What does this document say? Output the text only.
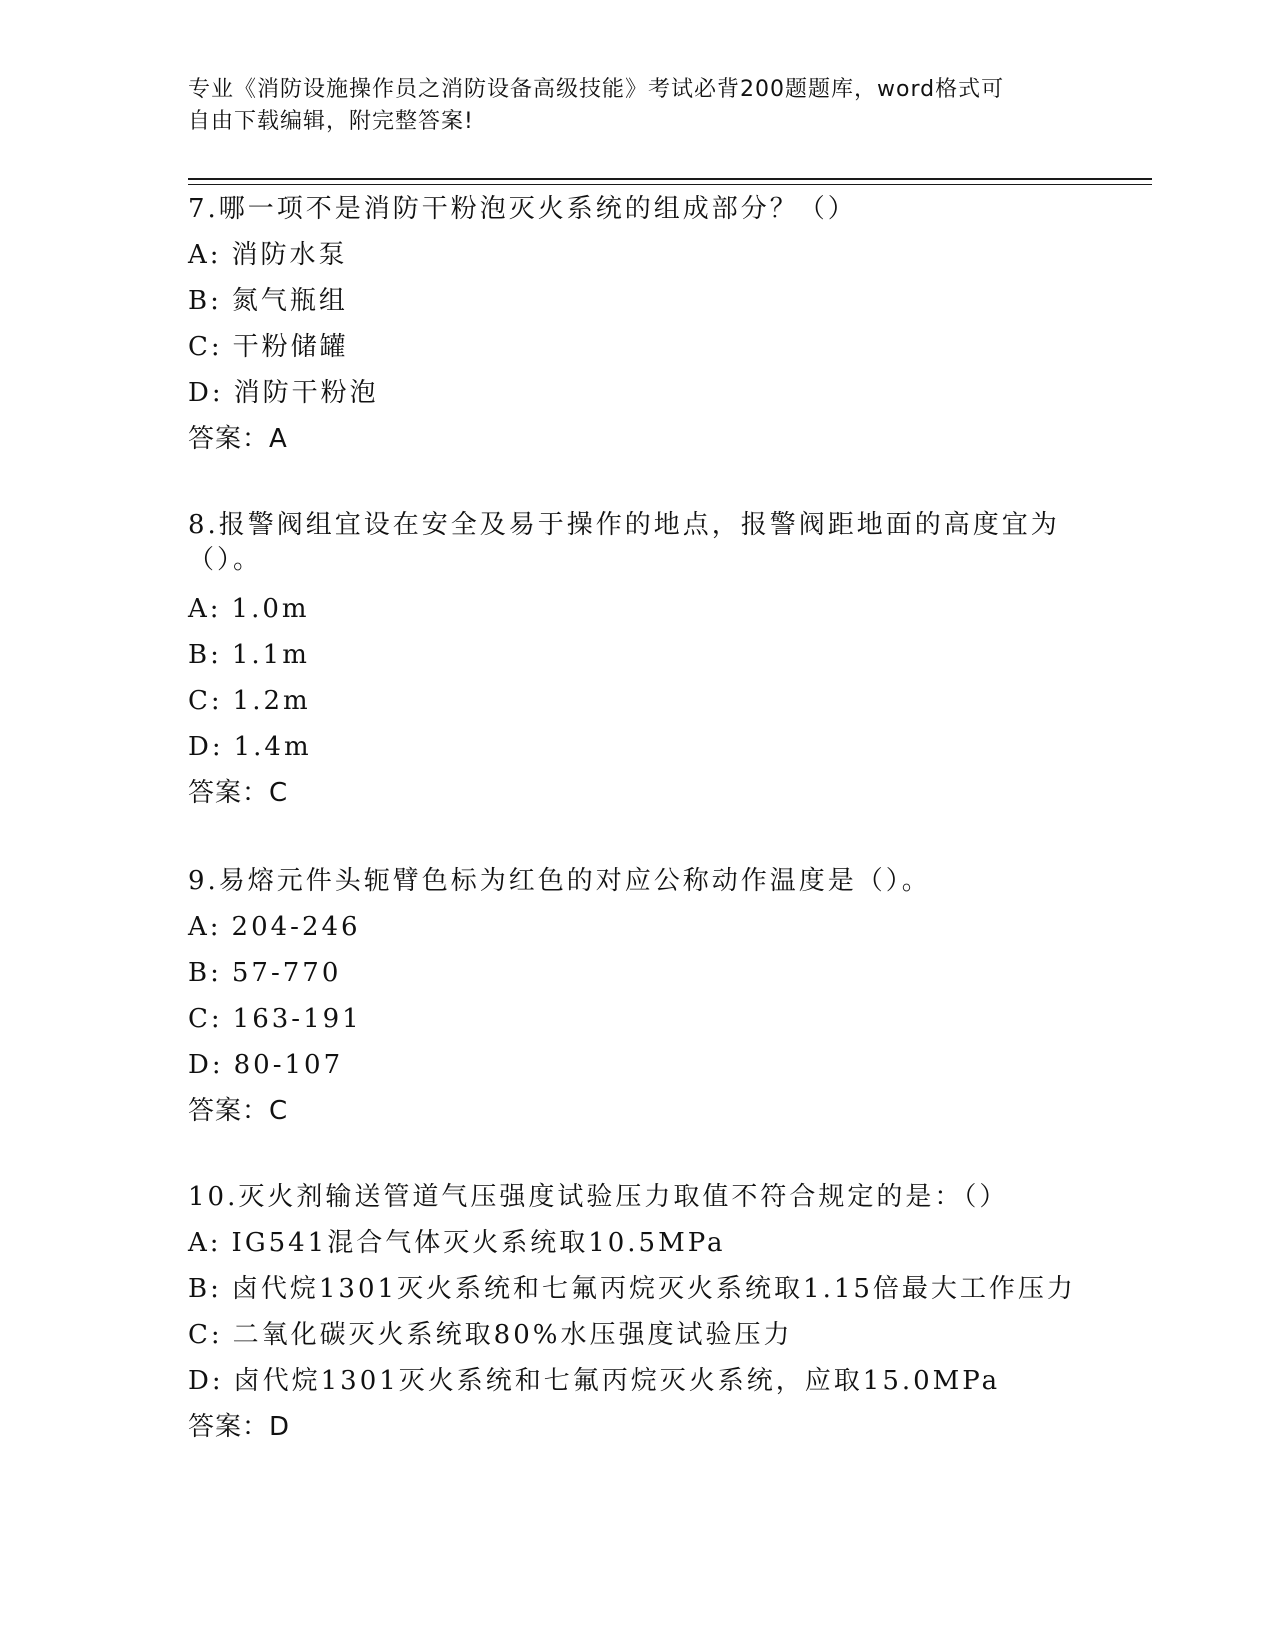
专业《消防设施操作员之消防设备高级技能》考试必背200题题库，word格式可
自由下载编辑，附完整答案!
7.哪一项不是消防干粉泡灭火系统的组成部分？（）
A: 消防水泵
B: 氮气瓶组
C: 干粉储罐
D: 消防干粉泡
答案：A
8.报警阀组宜设在安全及易于操作的地点，报警阀距地面的高度宜为
（）。
A: 1.0m
B: 1.1m
C: 1.2m
D: 1.4m
答案：C
9.易熔元件头轭臂色标为红色的对应公称动作温度是（）。
A: 204-246
B: 57-770
C: 163-191
D: 80-107
答案：C
10.灭火剂输送管道气压强度试验压力取值不符合规定的是：（）
A: IG541混合气体灭火系统取10.5MPa
B: 卤代烷1301灭火系统和七氟丙烷灭火系统取1.15倍最大工作压力
C: 二氧化碳灭火系统取80%水压强度试验压力
D: 卤代烷1301灭火系统和七氟丙烷灭火系统，应取15.0MPa
答案：D
